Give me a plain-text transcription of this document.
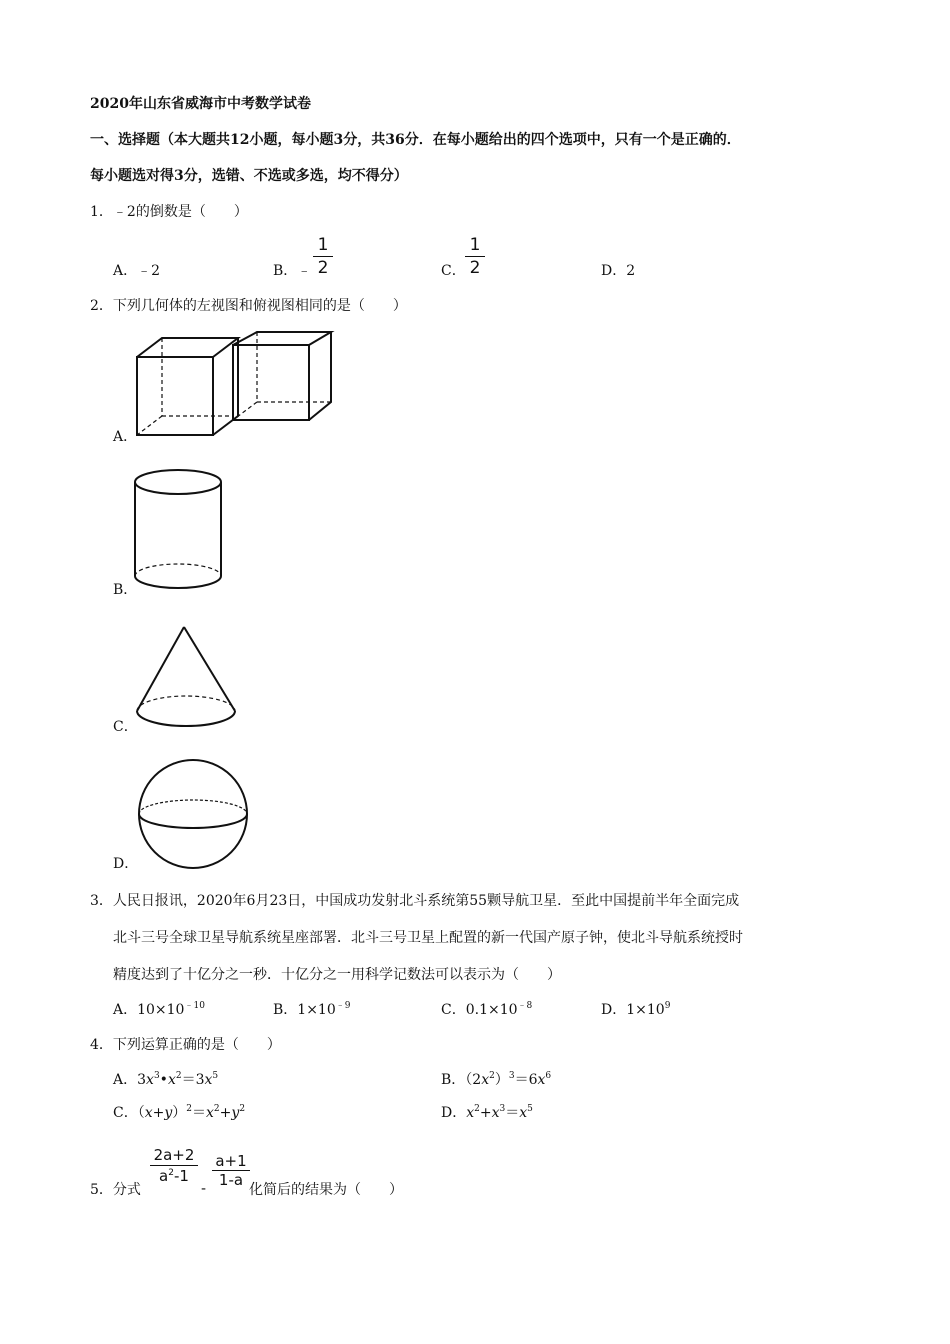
2020年山东省威海市中考数学试卷
一、选择题（本大题共12小题，每小题3分，共36分．在每小题给出的四个选项中，只有一个是正确的．
每小题选对得3分，选错、不选或多选，均不得分）
1．﹣2的倒数是（　　）
A．﹣2	B．﹣
1
2	C．
1
2	D．2
2．下列几何体的左视图和俯视图相同的是（　　）
A．
B．
C．
D．
3．人民日报讯，2020年6月23日，中国成功发射北斗系统第55颗导航卫星．至此中国提前半年全面完成
北斗三号全球卫星导航系统星座部署．北斗三号卫星上配置的新一代国产原子钟，使北斗导航系统授时
精度达到了十亿分之一秒．十亿分之一用科学记数法可以表示为（　　）
A．$10\times 10^{﹣10}$	B．$1\times 10^{﹣9}$	C．$0.1\times 10^{﹣8}$	D．$1\times 10^9$
4．下列运算正确的是（　　）
A．$3x^3•x^2=3x^5$	B．$(2x^2)^3=6x^6$
C．$(x+y)^2=x^2+y^2$	D．$x^2+x^3=x^5$
5．分式
2a+2
$a^2-1$
-
a+1
1-a
化简后的结果为（　　）
